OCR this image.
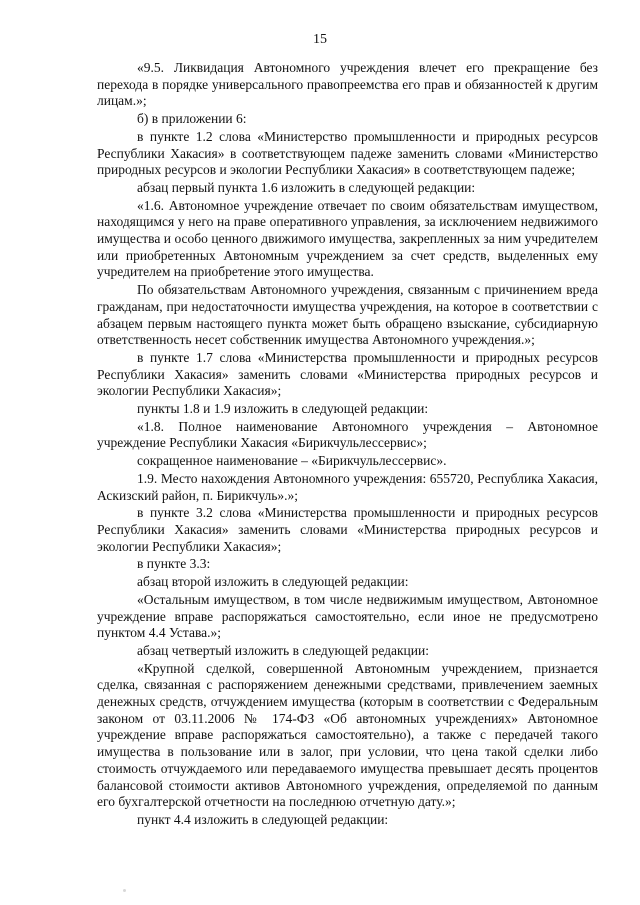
15

«9.5. Ликвидация Автономного учреждения влечет его прекращение без перехода в порядке универсального правопреемства его прав и обязанностей к другим лицам.»;

б) в приложении 6:

в пункте 1.2 слова «Министерство промышленности и природных ресурсов Республики Хакасия» в соответствующем падеже заменить словами «Министерство природных ресурсов и экологии Республики Хакасия» в соответствующем падеже;

абзац первый пункта 1.6 изложить в следующей редакции:

«1.6. Автономное учреждение отвечает по своим обязательствам имуществом, находящимся у него на праве оперативного управления, за исключением недвижимого имущества и особо ценного движимого имущества, закрепленных за ним учредителем или приобретенных Автономным учреждением за счет средств, выделенных ему учредителем на приобретение этого имущества.

По обязательствам Автономного учреждения, связанным с причинением вреда гражданам, при недостаточности имущества учреждения, на которое в соответствии с абзацем первым настоящего пункта может быть обращено взыскание, субсидиарную ответственность несет собственник имущества Автономного учреждения.»;

в пункте 1.7 слова «Министерства промышленности и природных ресурсов Республики Хакасия» заменить словами «Министерства природных ресурсов и экологии Республики Хакасия»;

пункты 1.8 и 1.9 изложить в следующей редакции:

«1.8. Полное наименование Автономного учреждения – Автономное учреждение Республики Хакасия «Бирикчульлессервис»;

сокращенное наименование – «Бирикчульлессервис».

1.9. Место нахождения Автономного учреждения: 655720, Республика Хакасия, Аскизский район, п. Бирикчуль».»;

в пункте 3.2 слова «Министерства промышленности и природных ресурсов Республики Хакасия» заменить словами «Министерства природных ресурсов и экологии Республики Хакасия»;

в пункте 3.3:

абзац второй изложить в следующей редакции:

«Остальным имуществом, в том числе недвижимым имуществом, Автономное учреждение вправе распоряжаться самостоятельно, если иное не предусмотрено пунктом 4.4 Устава.»;

абзац четвертый изложить в следующей редакции:

«Крупной сделкой, совершенной Автономным учреждением, признается сделка, связанная с распоряжением денежными средствами, привлечением заемных денежных средств, отчуждением имущества (которым в соответствии с Федеральным законом от 03.11.2006 № 174-ФЗ «Об автономных учреждениях» Автономное учреждение вправе распоряжаться самостоятельно), а также с передачей такого имущества в пользование или в залог, при условии, что цена такой сделки либо стоимость отчуждаемого или передаваемого имущества превышает десять процентов балансовой стоимости активов Автономного учреждения, определяемой по данным его бухгалтерской отчетности на последнюю отчетную дату.»;

пункт 4.4 изложить в следующей редакции:
